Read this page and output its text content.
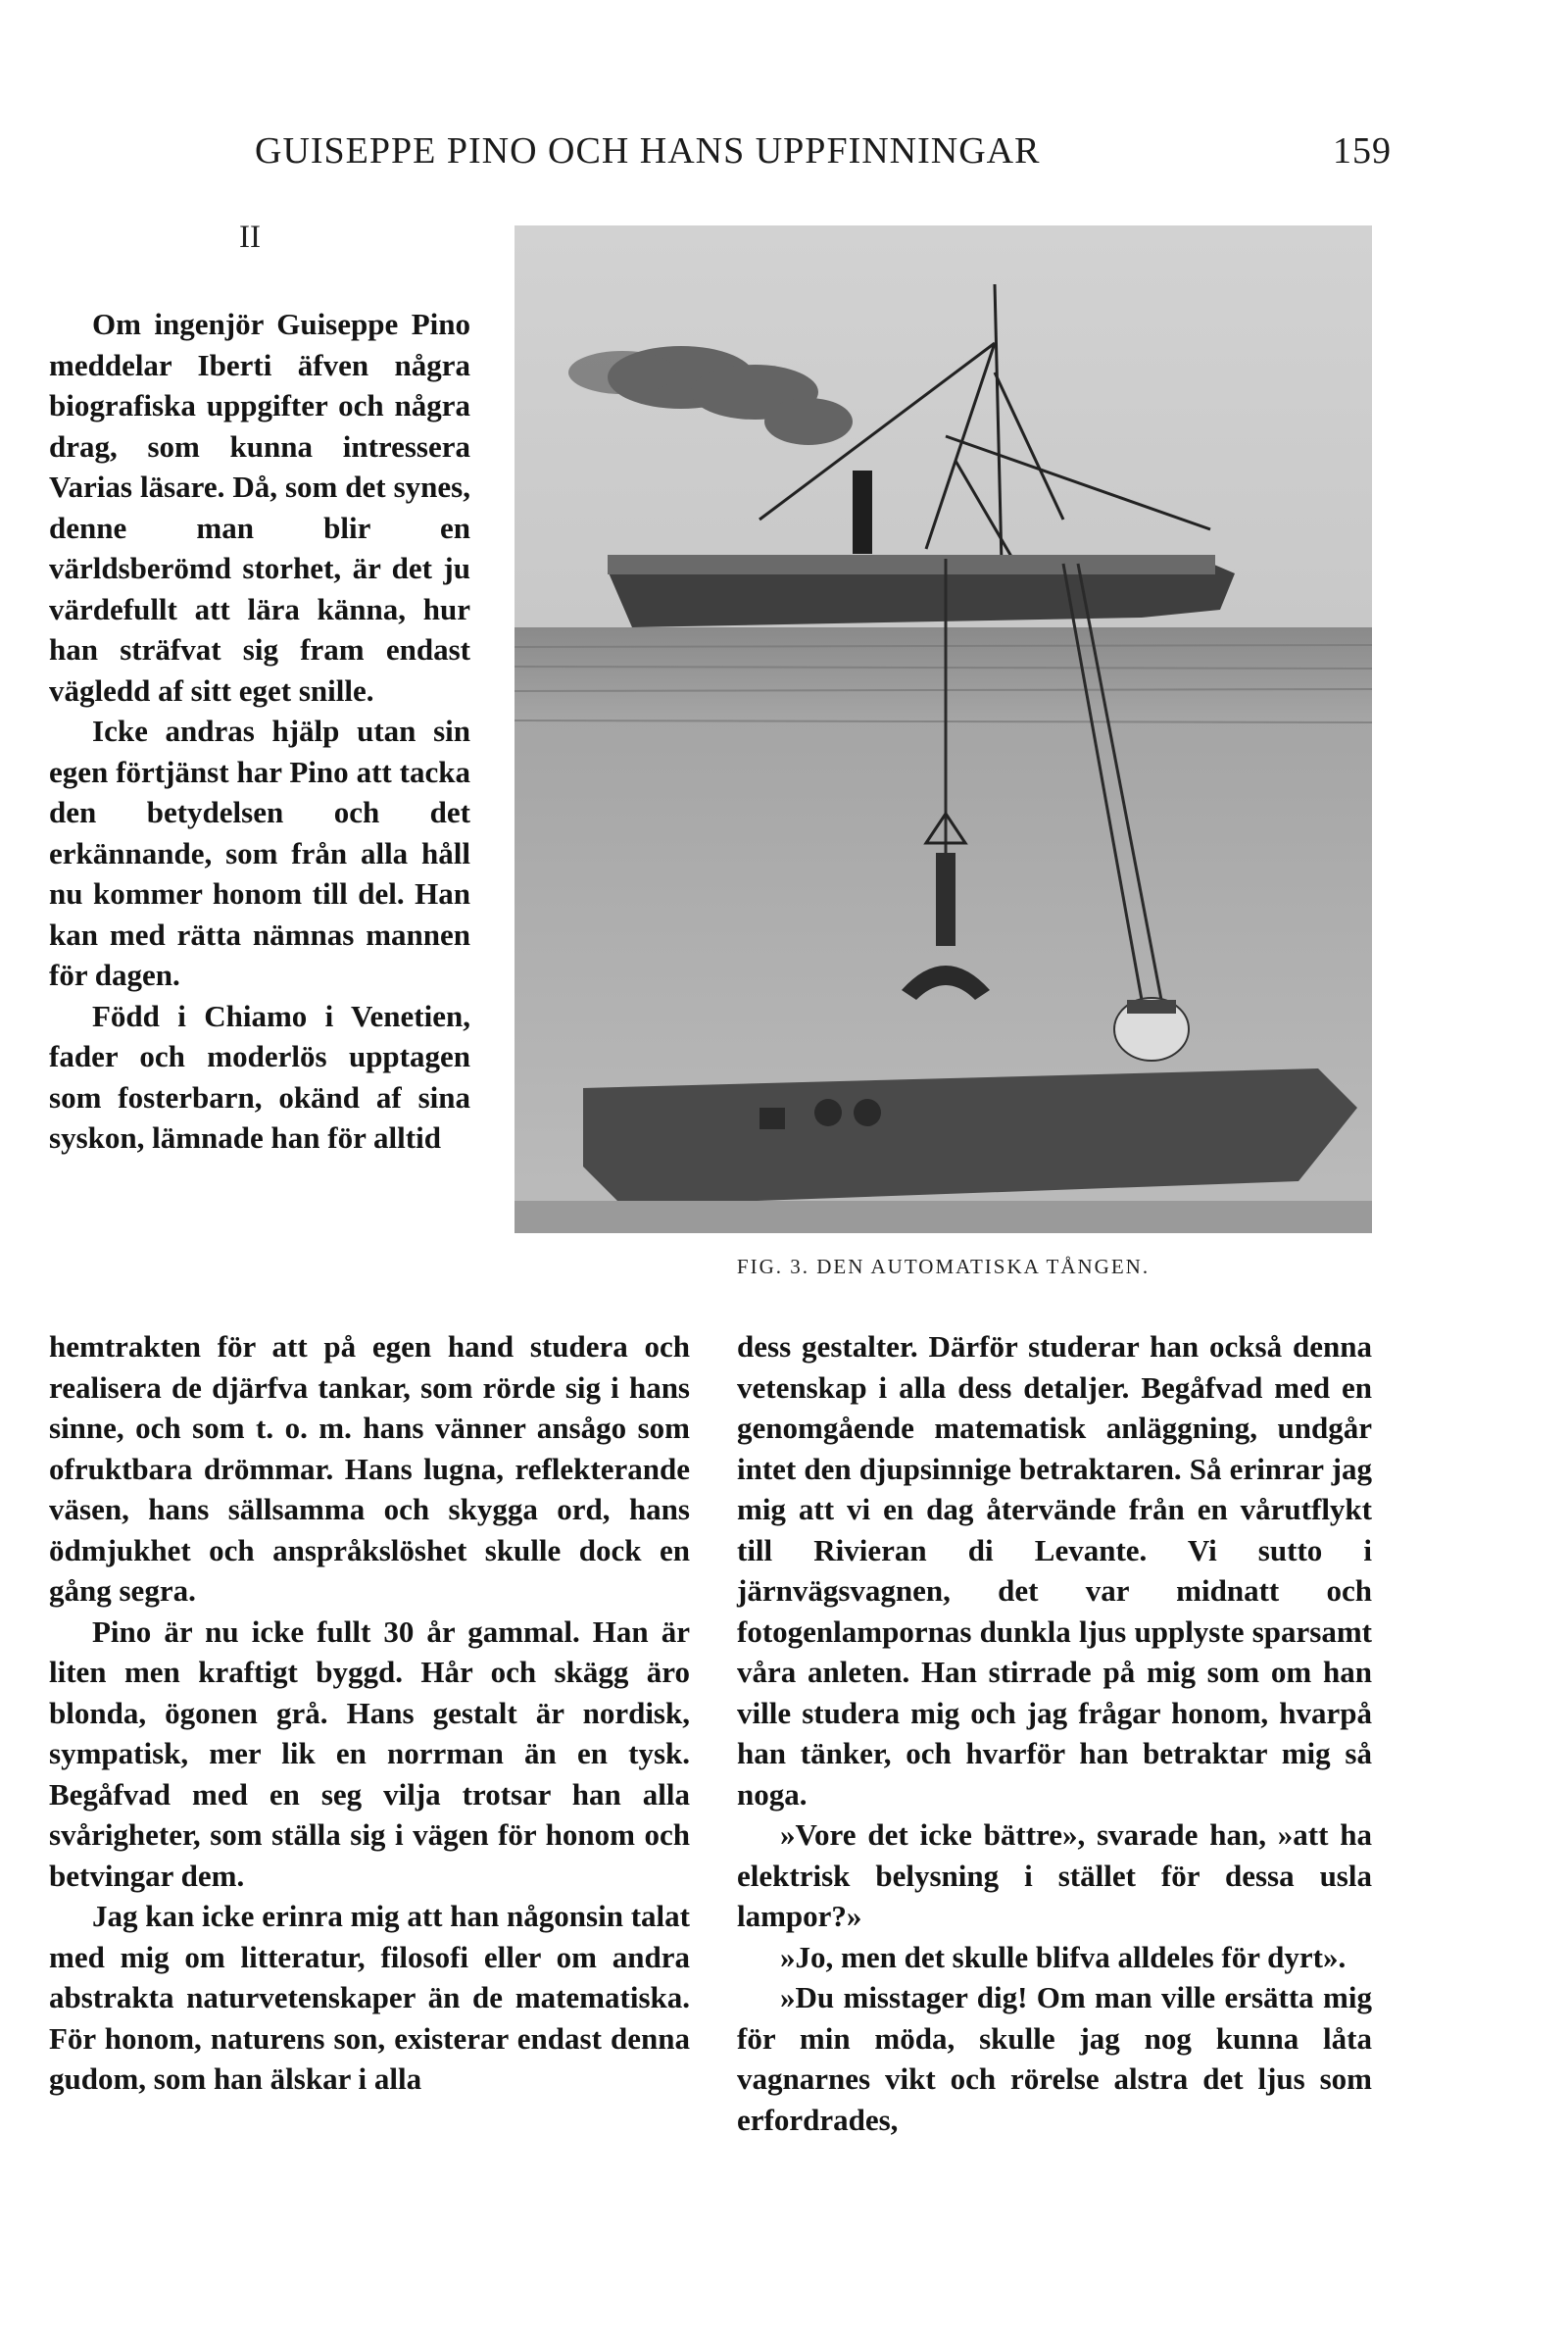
GUISEPPE PINO OCH HANS UPPFINNINGAR	159
II
FIG. 3. DEN AUTOMATISKA TÅNGEN.

Om ingenjör Guiseppe Pino meddelar Iberti äfven några biografiska uppgifter och några drag, som kunna intressera Varias läsare. Då, som det synes, denne man blir en världsberömd storhet, är det ju värdefullt att lära känna, hur han sträfvat sig fram endast vägledd af sitt eget snille.

Icke andras hjälp utan sin egen förtjänst har Pino att tacka den betydelsen och det erkännande, som från alla håll nu kommer honom till del. Han kan med rätta nämnas mannen för dagen.

Född i Chiamo i Venetien, fader och moderlös upptagen som fosterbarn, okänd af sina syskon, lämnade han för alltid

hemtrakten för att på egen hand studera och realisera de djärfva tankar, som rörde sig i hans sinne, och som t. o. m. hans vänner ansågo som ofruktbara drömmar. Hans lugna, reflekterande väsen, hans sällsamma och skygga ord, hans ödmjukhet och anspråkslöshet skulle dock en gång segra.

Pino är nu icke fullt 30 år gammal. Han är liten men kraftigt byggd. Hår och skägg äro blonda, ögonen grå. Hans gestalt är nordisk, sympatisk, mer lik en norrman än en tysk. Begåfvad med en seg vilja trotsar han alla svårigheter, som ställa sig i vägen för honom och betvingar dem.

Jag kan icke erinra mig att han någonsin talat med mig om litteratur, filosofi eller om andra abstrakta naturvetenskaper än de matematiska. För honom, naturens son, existerar endast denna gudom, som han älskar i alla

dess gestalter. Därför studerar han också denna vetenskap i alla dess detaljer. Begåfvad med en genomgående matematisk anläggning, undgår intet den djupsinnige betraktaren. Så erinrar jag mig att vi en dag återvände från en vårutflykt till Rivieran di Levante. Vi sutto i järnvägsvagnen, det var midnatt och fotogenlampornas dunkla ljus upplyste sparsamt våra anleten. Han stirrade på mig som om han ville studera mig och jag frågar honom, hvarpå han tänker, och hvarför han betraktar mig så noga.

»Vore det icke bättre», svarade han, »att ha elektrisk belysning i stället för dessa usla lampor?»

»Jo, men det skulle blifva alldeles för dyrt».

»Du misstager dig! Om man ville ersätta mig för min möda, skulle jag nog kunna låta vagnarnes vikt och rörelse alstra det ljus som erfordrades,
